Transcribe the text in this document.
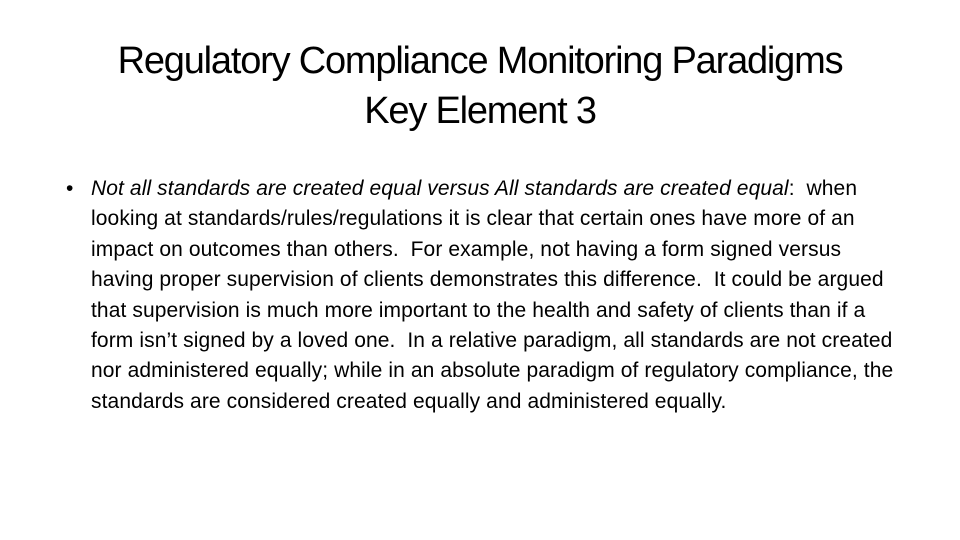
Regulatory Compliance Monitoring Paradigms
Key Element 3
• Not all standards are created equal versus All standards are created equal:  when looking at standards/rules/regulations it is clear that certain ones have more of an impact on outcomes than others.  For example, not having a form signed versus having proper supervision of clients demonstrates this difference.  It could be argued that supervision is much more important to the health and safety of clients than if a form isn’t signed by a loved one.  In a relative paradigm, all standards are not created nor administered equally; while in an absolute paradigm of regulatory compliance, the standards are considered created equally and administered equally.
